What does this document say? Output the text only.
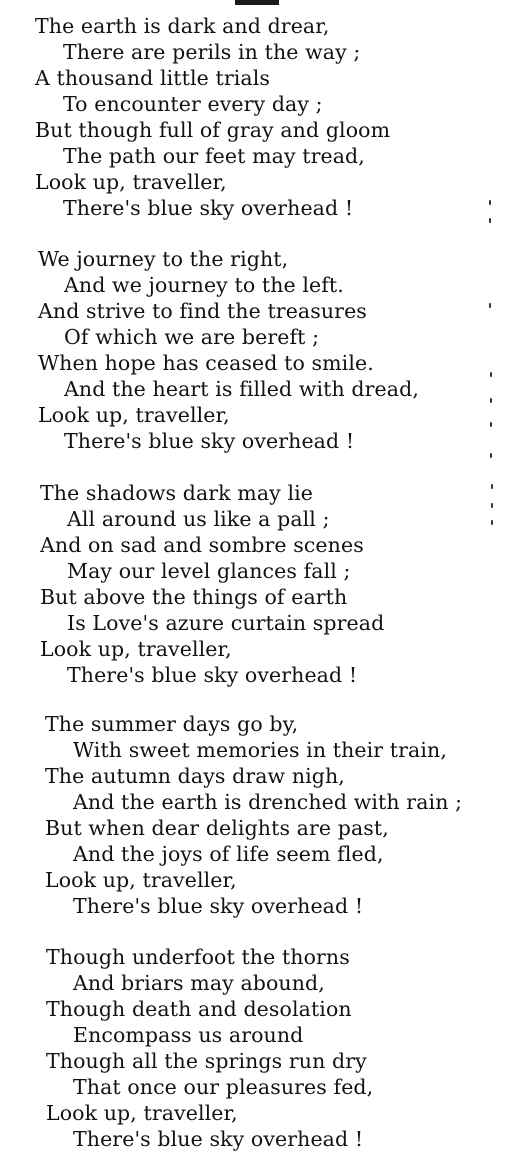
The earth is dark and drear,
There are perils in the way ;
A thousand little trials
To encounter every day ;
But though full of gray and gloom
The path our feet may tread,
Look up, traveller,
There's blue sky overhead !
We journey to the right,
And we journey to the left.
And strive to find the treasures
Of which we are bereft ;
When hope has ceased to smile.
And the heart is filled with dread,
Look up, traveller,
There's blue sky overhead !
The shadows dark may lie
All around us like a pall ;
And on sad and sombre scenes
May our level glances fall ;
But above the things of earth
Is Love's azure curtain spread
Look up, traveller,
There's blue sky overhead !
The summer days go by,
With sweet memories in their train,
The autumn days draw nigh,
And the earth is drenched with rain ;
But when dear delights are past,
And the joys of life seem fled,
Look up, traveller,
There's blue sky overhead !
Though underfoot the thorns
And briars may abound,
Though death and desolation
Encompass us around
Though all the springs run dry
That once our pleasures fed,
Look up, traveller,
There's blue sky overhead !
